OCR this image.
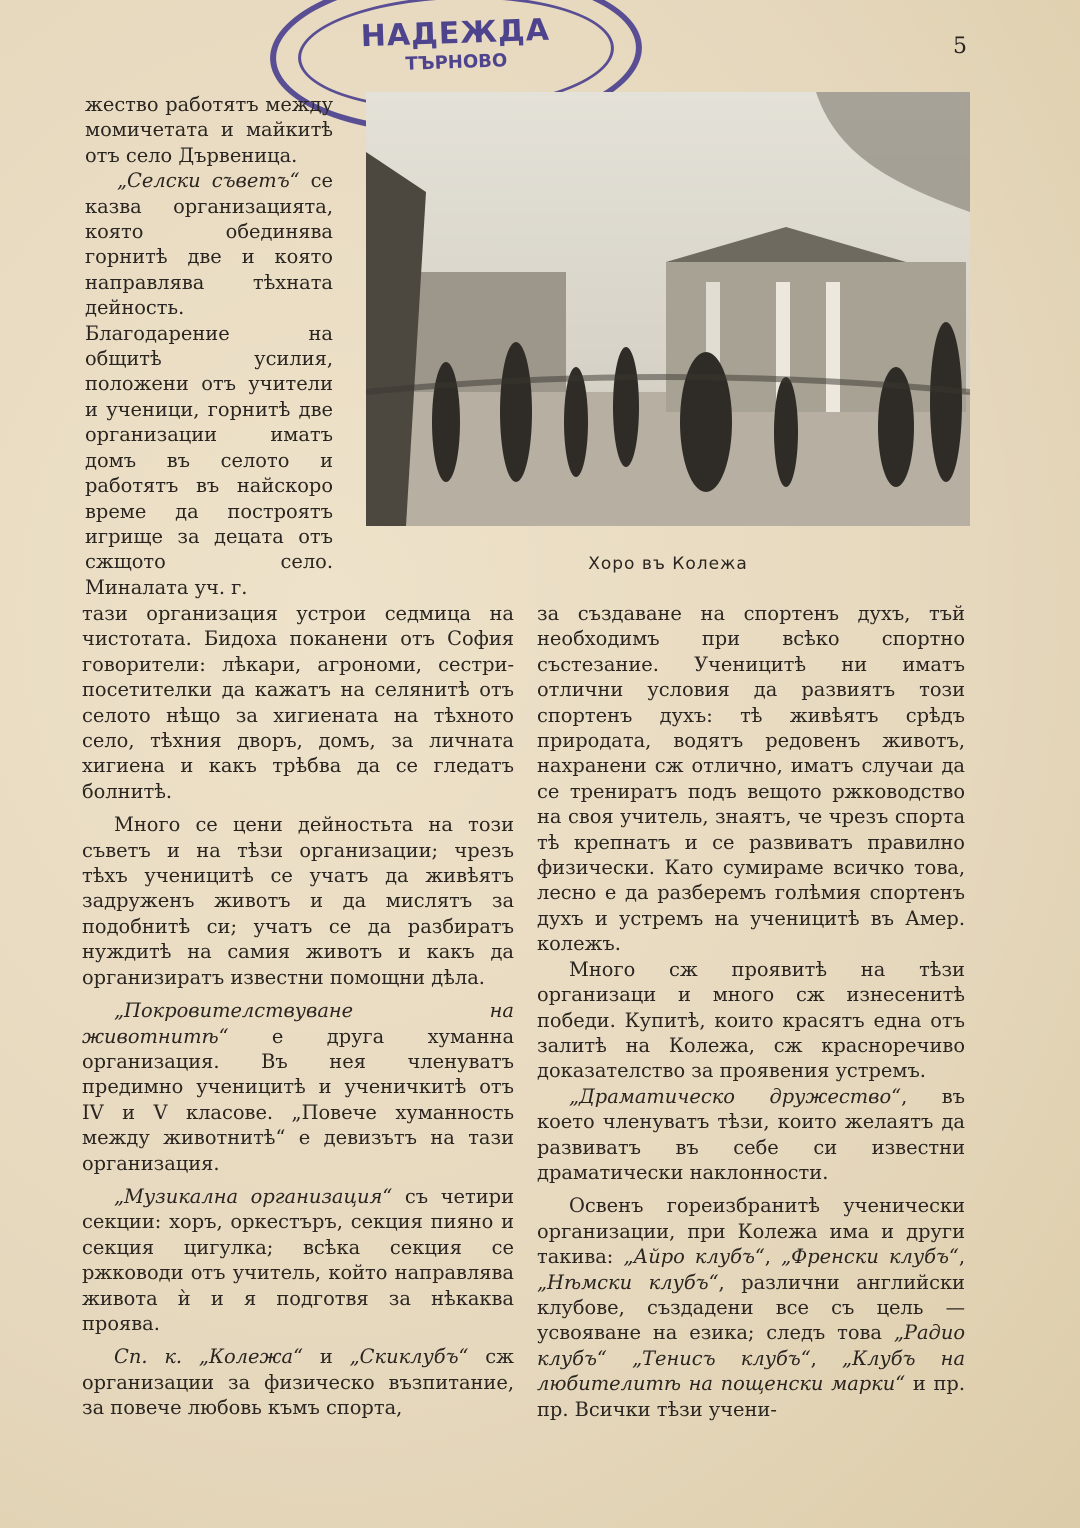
НАДЕЖДА
ТЪРНОВО
5
Хоро въ Колежа

жество работятъ между момичетата и майкитѣ отъ село Дървеница.

„Селски съветъ“ се казва организацията, която обединява горнитѣ две и която направлява тѣхната дейность. Благодарение на общитѣ усилия, положени отъ учители и ученици, горнитѣ две организации иматъ домъ въ селото и работятъ въ найскоро време да построятъ игрище за децата отъ сжщото село. Миналата уч. г.

тази организация устрои седмица на чистотата. Бидоха поканени отъ София говорители: лѣкари, агрономи, сестри-посетителки да кажатъ на селянитѣ отъ селото нѣщо за хигиената на тѣхното село, тѣхния дворъ, домъ, за личната хигиена и какъ трѣбва да се гледатъ болнитѣ.

Много се цени дейностьта на този съветъ и на тѣзи организации; чрезъ тѣхъ ученицитѣ се учатъ да живѣятъ задруженъ животъ и да мислятъ за подобнитѣ си; учатъ се да разбиратъ нуждитѣ на самия животъ и какъ да организиратъ известни помощни дѣла.

„Покровителствуване на животнитѣ“ е друга хуманна организация. Въ нея членуватъ предимно ученицитѣ и ученичкитѣ отъ IV и V класове. „Повече хуманность между животнитѣ“ е девизътъ на тази организация.

„Музикална организация“ съ четири секции: хоръ, оркестъръ, секция пияно и секция цигулка; всѣка секция се ржководи отъ учитель, който направлява живота ѝ и я подготвя за нѣкаква проява.

Сп. к. „Колежа“ и „Скиклубъ“ сж организации за физическо възпитание, за повече любовь къмъ спорта,

за създаване на спортенъ духъ, тъй необходимъ при всѣко спортно състезание. Ученицитѣ ни иматъ отлични условия да развиятъ този спортенъ духъ: тѣ живѣятъ срѣдъ природата, водятъ редовенъ животъ, нахранени сж отлично, иматъ случаи да се трениратъ подъ вещото ржководство на своя учитель, знаятъ, че чрезъ спорта тѣ крепнатъ и се развиватъ правилно физически. Като сумираме всичко това, лесно е да разберемъ голѣмия спортенъ духъ и устремъ на ученицитѣ въ Амер. колежъ.

Много сж проявитѣ на тѣзи организаци и много сж изнесенитѣ победи. Купитѣ, които красятъ една отъ залитѣ на Колежа, сж красноречиво доказателство за проявения устремъ.

„Драматическо дружество“, въ което членуватъ тѣзи, които желаятъ да развиватъ въ себе си известни драматически наклонности.

Освенъ гореизбранитѣ ученически организации, при Колежа има и други такива: „Айро клубъ“, „Френски клубъ“, „Нѣмски клубъ“, различни английски клубове, създадени все съ цель — усвояване на езика; следъ това „Радио клубъ“ „Тенисъ клубъ“, „Клубъ на любителитѣ на пощенски марки“ и пр. пр. Всички тѣзи учени-
